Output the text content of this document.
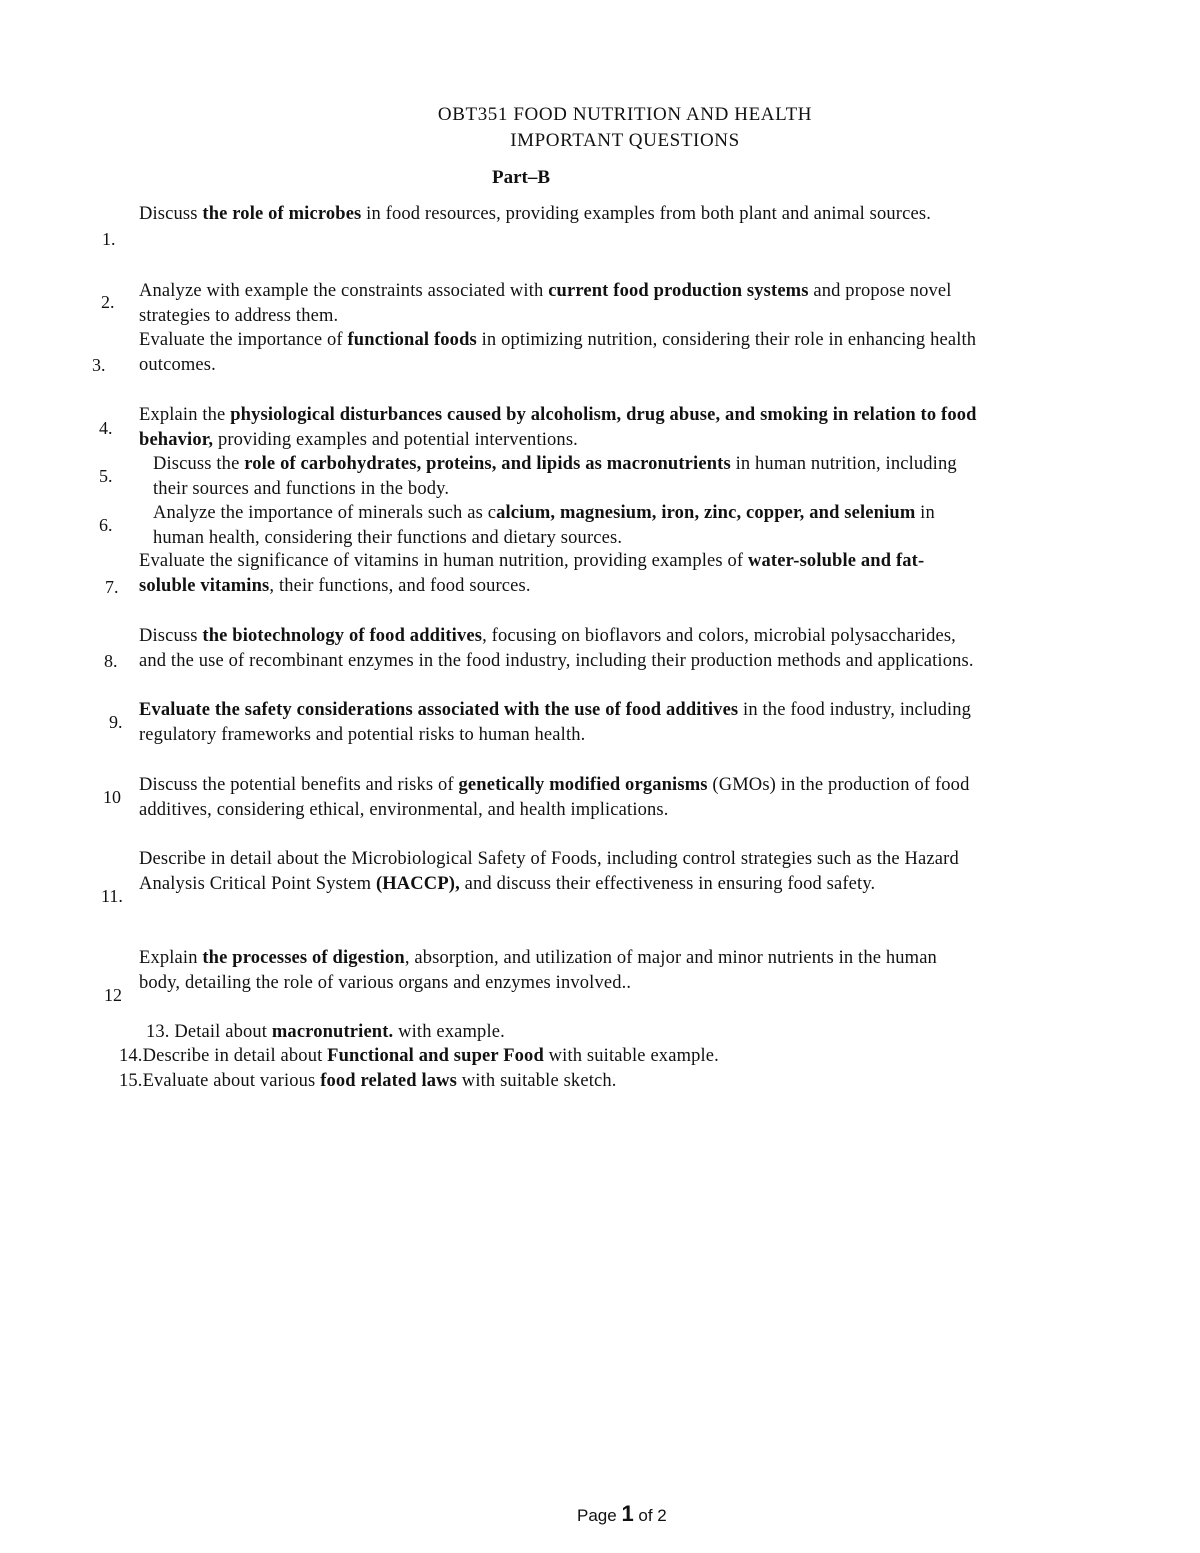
OBT351 FOOD NUTRITION AND HEALTH
IMPORTANT QUESTIONS
Part–B
1.
Discuss the role of microbes in food resources, providing examples from both plant and animal sources.
2.
Analyze with example the constraints associated with current food production systems and propose novel strategies to address them.
3.
Evaluate the importance of functional foods in optimizing nutrition, considering their role in enhancing health outcomes.
4.
Explain the physiological disturbances caused by alcoholism, drug abuse, and smoking in relation to food behavior, providing examples and potential interventions.
5.
Discuss the role of carbohydrates, proteins, and lipids as macronutrients in human nutrition, including their sources and functions in the body.
6.
Analyze the importance of minerals such as calcium, magnesium, iron, zinc, copper, and selenium in human health, considering their functions and dietary sources.
7.
Evaluate the significance of vitamins in human nutrition, providing examples of water-soluble and fat-soluble vitamins, their functions, and food sources.
8.
Discuss the biotechnology of food additives, focusing on bioflavors and colors, microbial polysaccharides, and the use of recombinant enzymes in the food industry, including their production methods and applications.
9.
Evaluate the safety considerations associated with the use of food additives in the food industry, including regulatory frameworks and potential risks to human health.
10
Discuss the potential benefits and risks of genetically modified organisms (GMOs) in the production of food additives, considering ethical, environmental, and health implications.
11.
Describe in detail about the Microbiological Safety of Foods, including control strategies such as the Hazard Analysis Critical Point System (HACCP), and discuss their effectiveness in ensuring food safety.
12
Explain the processes of digestion, absorption, and utilization of major and minor nutrients in the human body, detailing the role of various organs and enzymes involved..
13. Detail about macronutrient. with example.
14.Describe in detail about Functional and super Food with suitable example.
15.Evaluate about various food related laws with suitable sketch.
Page 1 of 2
